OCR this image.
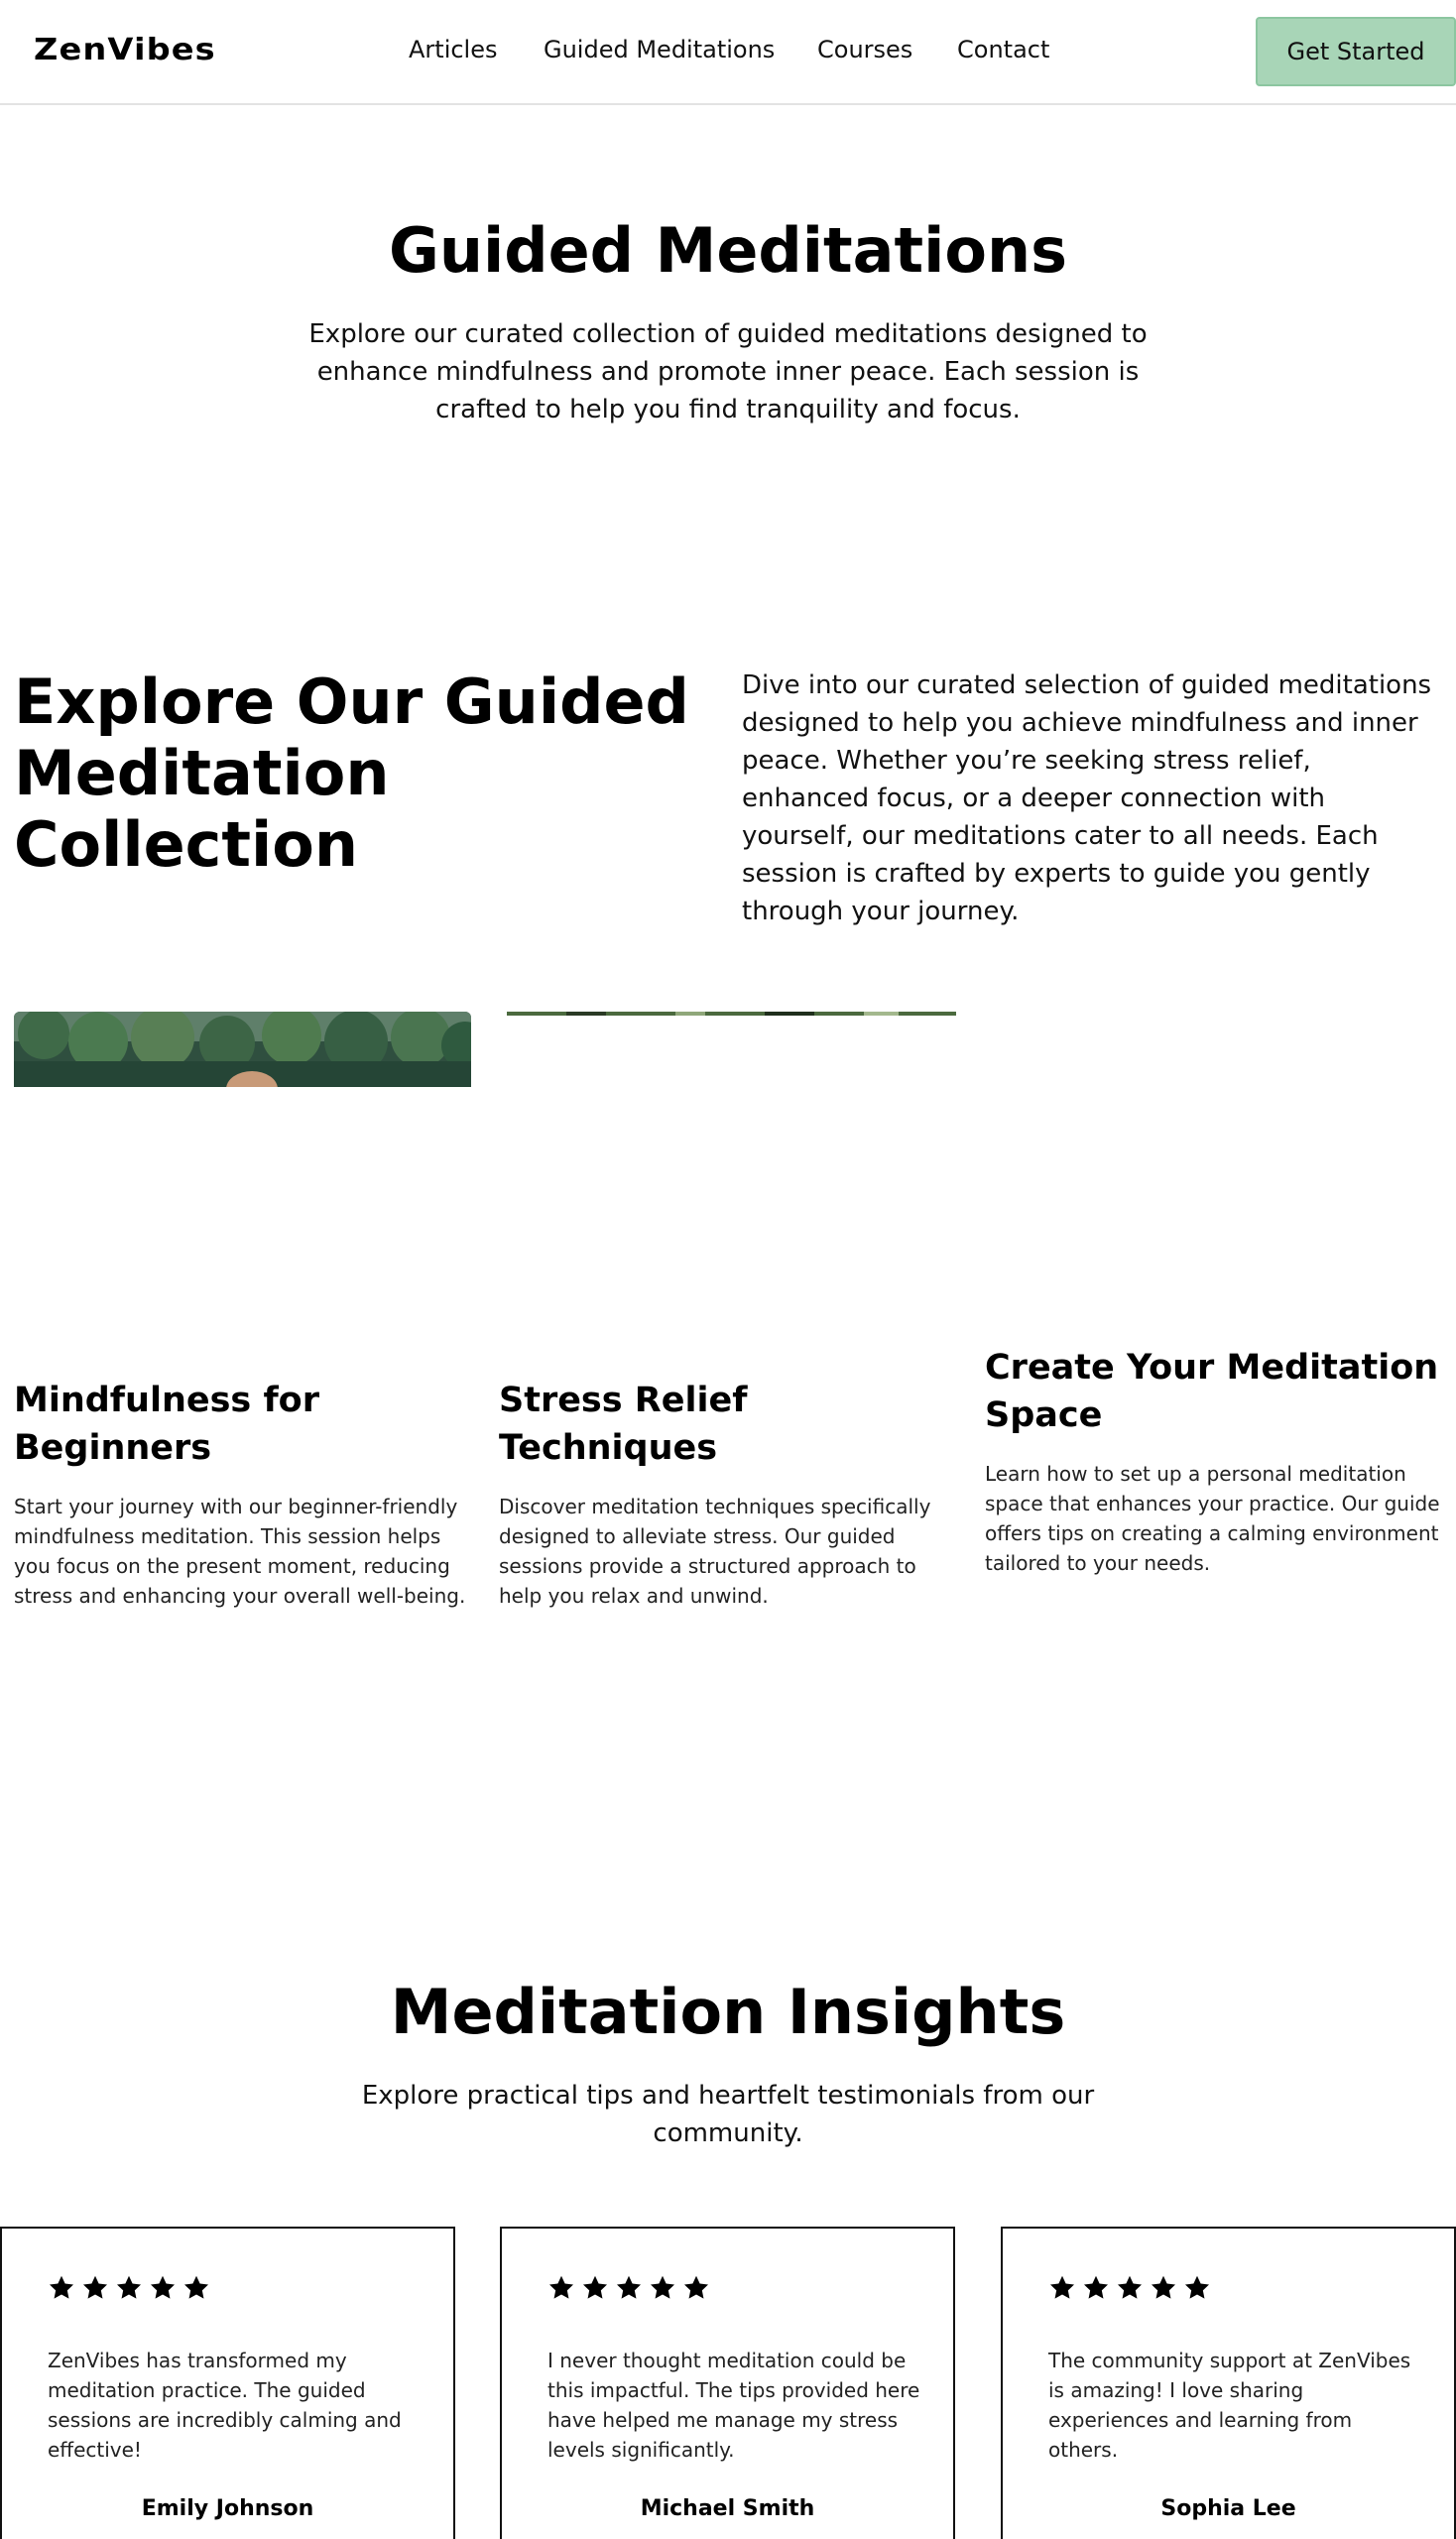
ZenVibes	Articles Guided Meditations Courses Contact	Get Started
Guided Meditations

Explore our curated collection of guided meditations designed to enhance mindfulness and promote inner peace. Each session is crafted to help you find tranquility and focus.

Explore Our Guided Meditation Collection

Dive into our curated selection of guided meditations designed to help you achieve mindfulness and inner peace. Whether you’re seeking stress relief, enhanced focus, or a deeper connection with yourself, our meditations cater to all needs. Each session is crafted by experts to guide you gently through your journey.

Mindfulness for Beginners

Start your journey with our beginner-friendly mindfulness meditation. This session helps you focus on the present moment, reducing stress and enhancing your overall well-being.

Stress Relief Techniques

Discover meditation techniques specifically designed to alleviate stress. Our guided sessions provide a structured approach to help you relax and unwind.

Create Your Meditation Space

Learn how to set up a personal meditation space that enhances your practice. Our guide offers tips on creating a calming environment tailored to your needs.

Meditation Insights

Explore practical tips and heartfelt testimonials from our community.

ZenVibes has transformed my meditation practice. The guided sessions are incredibly calming and effective!

Emily Johnson

I never thought meditation could be this impactful. The tips provided here have helped me manage my stress levels significantly.

Michael Smith

The community support at ZenVibes is amazing! I love sharing experiences and learning from others.

Sophia Lee
